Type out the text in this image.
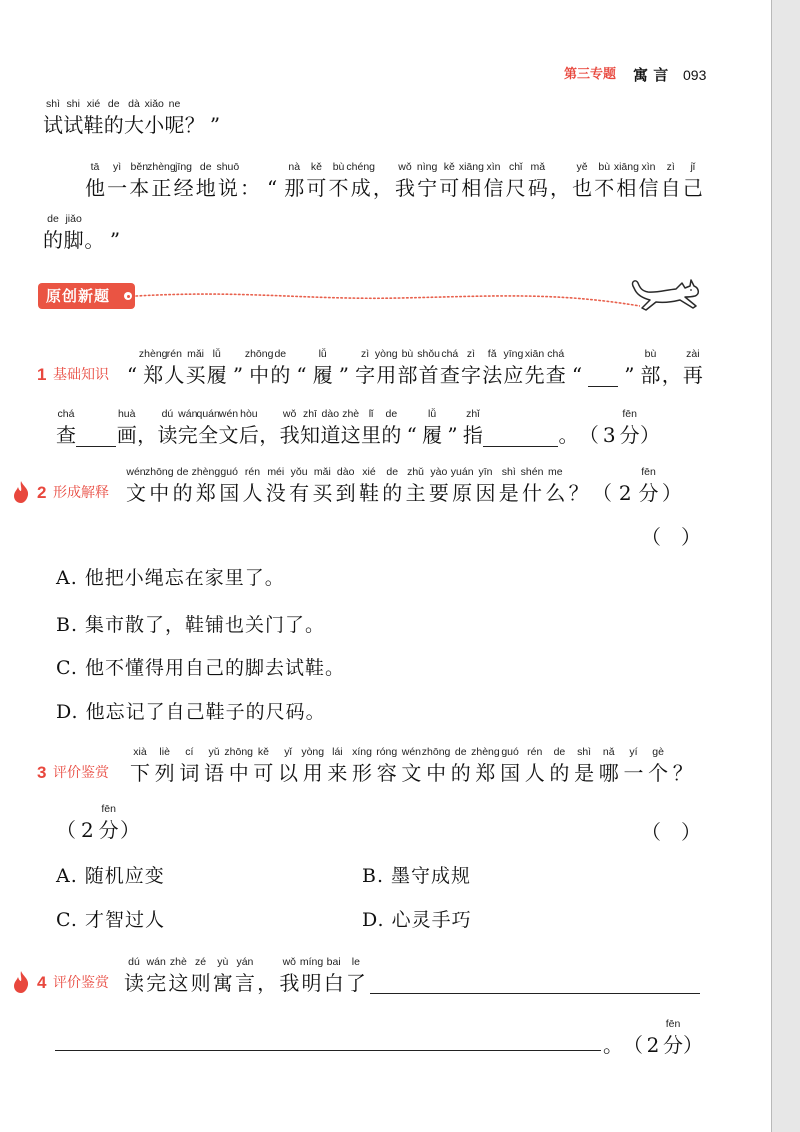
第三专题 寓 言 093
shì shi xié de dà xiǎo ne
试 试 鞋 的 大 小 呢 ？ ”
tā yì běn zhèng jīng de shuō	nà kě bù chéng wǒ nìng kě xiāng xìn chǐ mǎ	yě bù xiāng xìn zì jǐ
他 一 本 正 经 地 说 ： “ 那 可 不 成 ， 我 宁 可 相 信 尺 码 ， 也 不 相 信 自 己
de jiǎo
的 脚 。 ”
原创新题
1 基础知识
zhèng rén mǎi lǚ zhōng de	lǚ	zì yòng bù shǒu chá zì fǎ yīng xiān chá	bù	zài
“ 郑 人 买 履 ” 中 的 “ 履 ” 字 用 部 首 查 字 法 应 先 查 “ ” 部 ， 再
chá	huà dú wán quán wén hòu wǒ zhī dào zhè lǐ de	lǚ	zhǐ	fēn
查 画 ， 读 完 全 文 后 ， 我 知 道 这 里 的 “ 履 ” 指	。 （ 3 分 ）
2 形成解释
wén zhōng de zhèng guó rén méi yǒu mǎi dào xié de zhǔ yào yuán yīn shì shén me	fēn
文 中 的 郑 国 人 没 有 买 到 鞋 的 主 要 原 因 是 什 么 ？ （ 2 分 ）
（　）
A. 他把小绳忘在家里了。
B. 集市散了，鞋铺也关门了。
C. 他不懂得用自己的脚去试鞋。
D. 他忘记了自己鞋子的尺码。
3 评价鉴赏
xià liè cí yǔ zhōng kě yǐ yòng lái xíng róng wén zhōng de zhèng guó rén de shì nǎ yí gè
下 列 词 语 中 可 以 用 来 形 容 文 中 的 郑 国 人 的 是 哪 一 个 ？
fēn
（ 2 分 ）	（　）
A. 随机应变	B. 墨守成规
C. 才智过人	D. 心灵手巧
4 评价鉴赏
dú wán zhè zé yù yán	wǒ míng bai le
读 完 这 则 寓 言 ， 我 明 白 了
fēn
。 （ 2 分 ）
